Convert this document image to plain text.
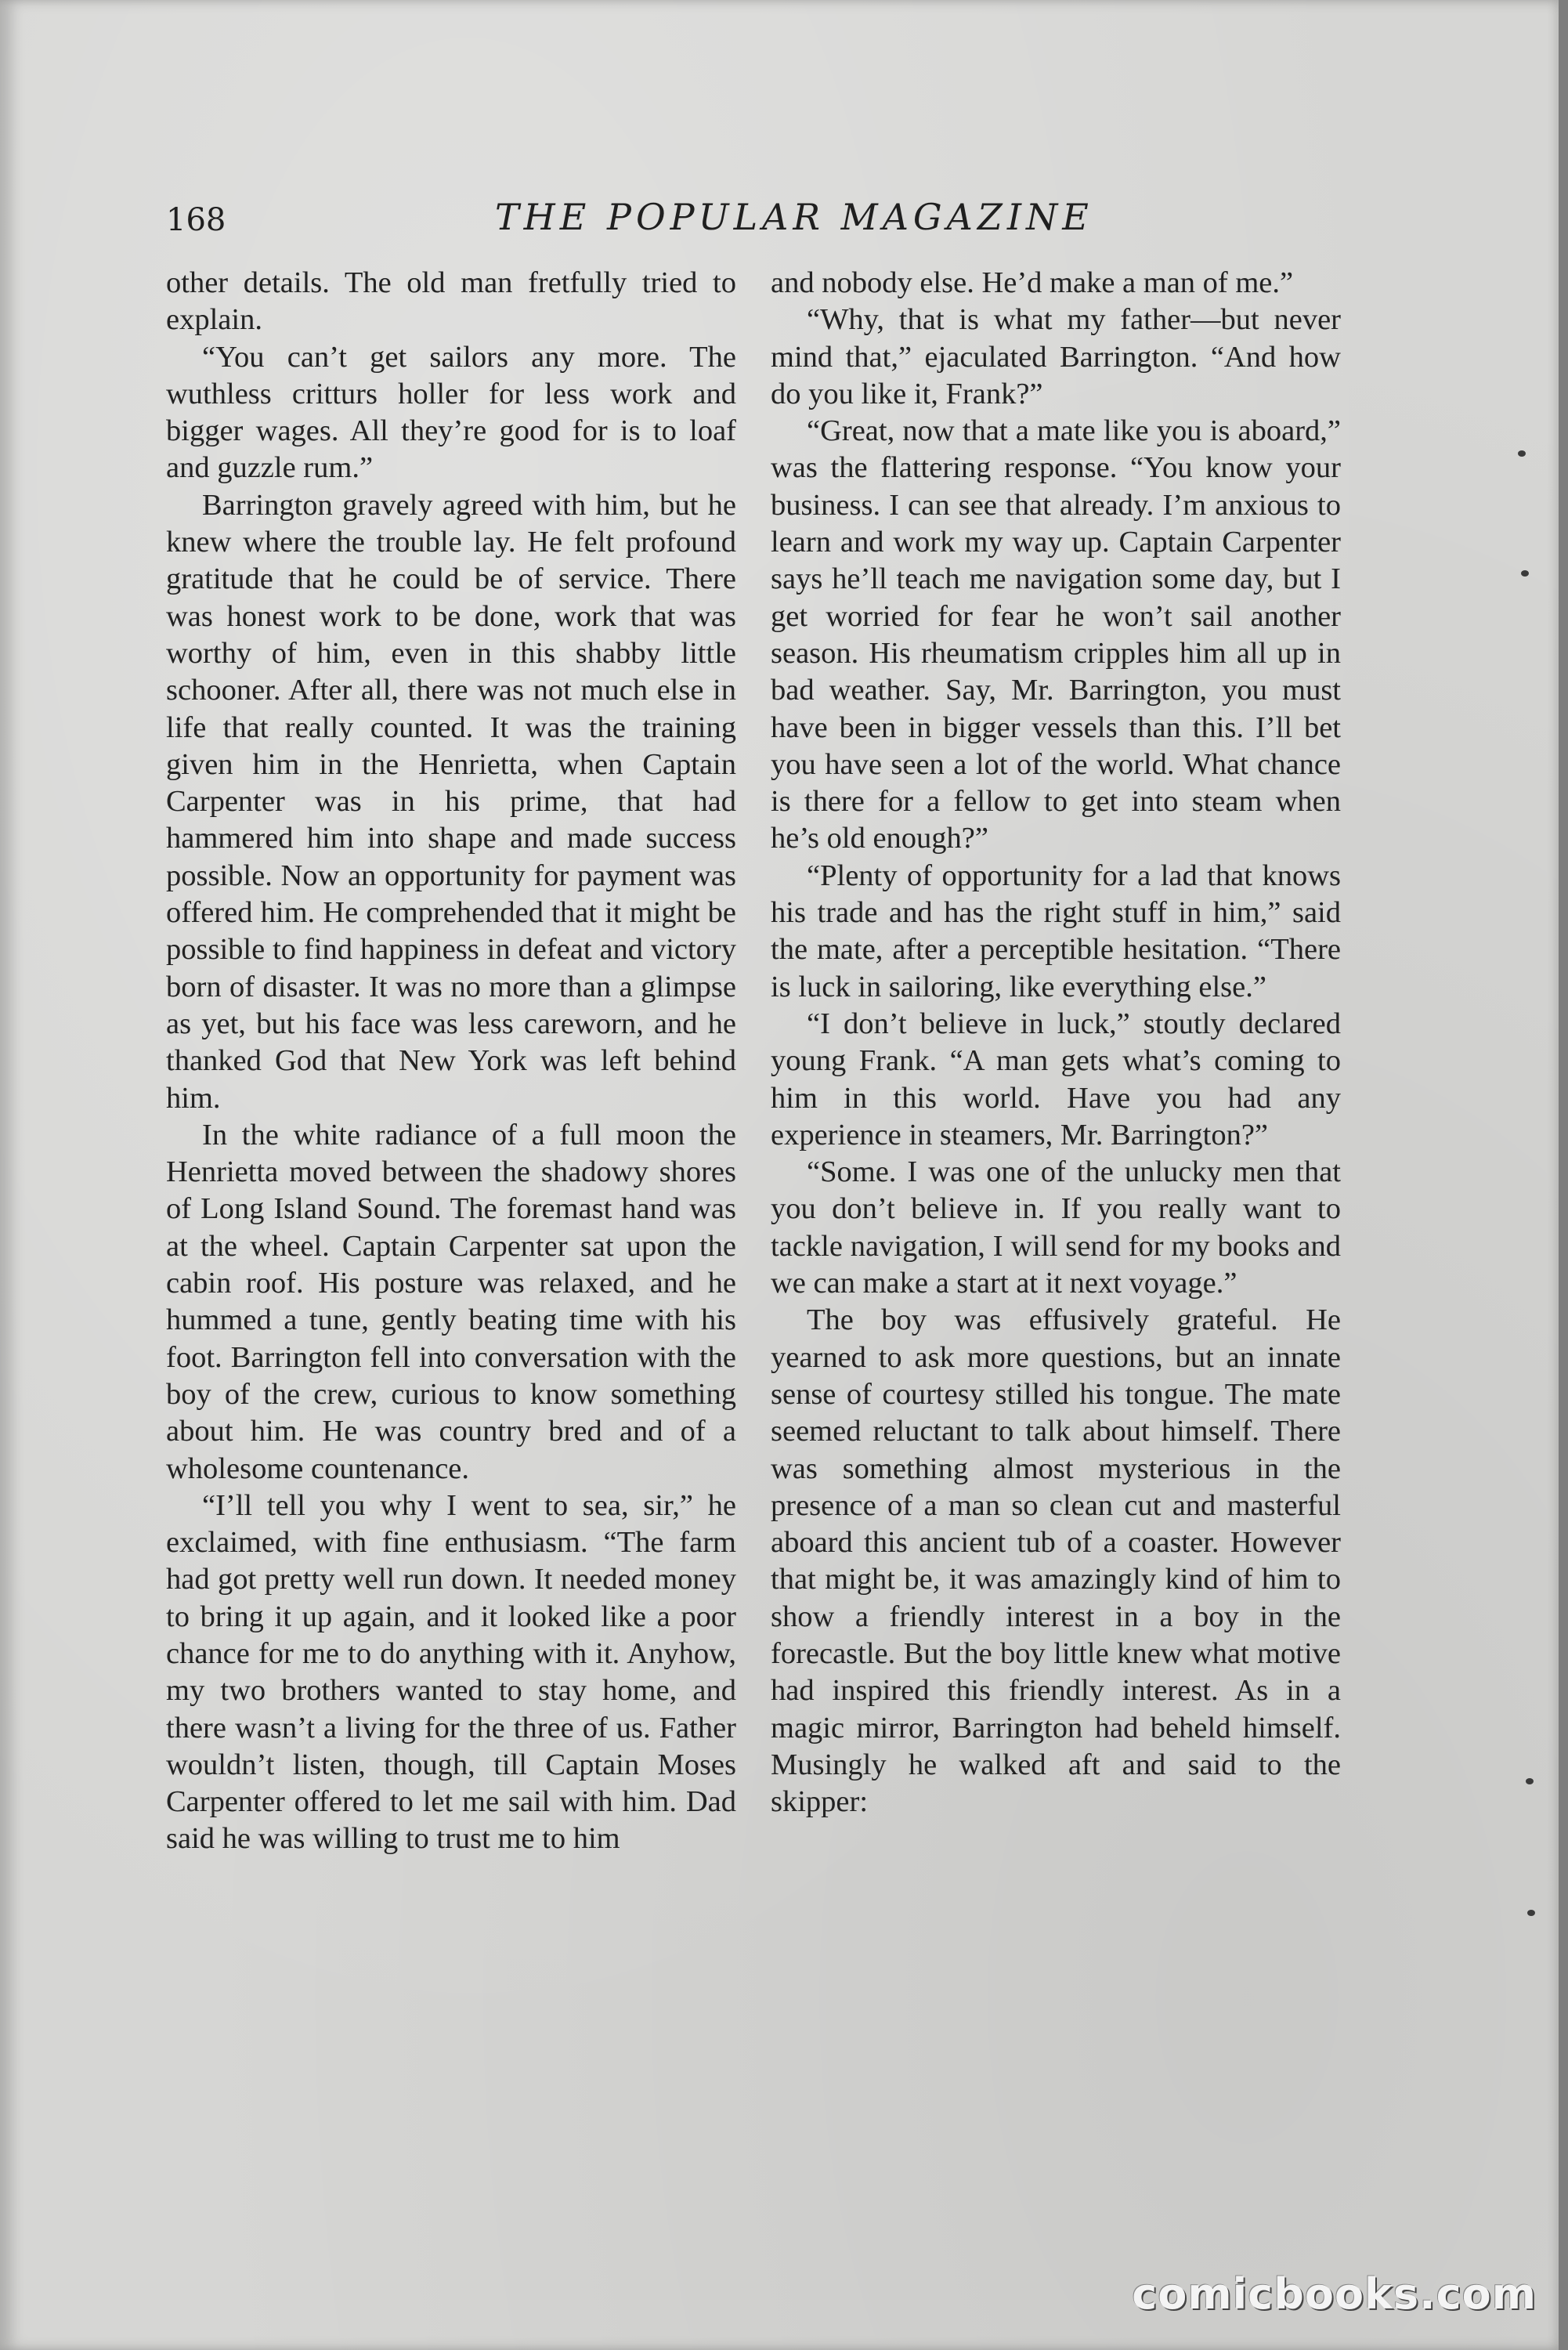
168	THE POPULAR MAGAZINE

other details. The old man fretfully tried to explain.

“You can’t get sailors any more. The wuthless critturs holler for less work and bigger wages. All they’re good for is to loaf and guzzle rum.”

Barrington gravely agreed with him, but he knew where the trouble lay. He felt profound gratitude that he could be of service. There was honest work to be done, work that was worthy of him, even in this shabby little schooner. After all, there was not much else in life that really counted. It was the training given him in the Henrietta, when Captain Carpenter was in his prime, that had hammered him into shape and made success possible. Now an opportunity for payment was offered him. He comprehended that it might be possible to find happiness in defeat and victory born of disaster. It was no more than a glimpse as yet, but his face was less careworn, and he thanked God that New York was left behind him.

In the white radiance of a full moon the Henrietta moved between the shadowy shores of Long Island Sound. The foremast hand was at the wheel. Captain Carpenter sat upon the cabin roof. His posture was relaxed, and he hummed a tune, gently beating time with his foot. Barrington fell into conversation with the boy of the crew, curious to know something about him. He was country bred and of a wholesome countenance.

“I’ll tell you why I went to sea, sir,” he exclaimed, with fine enthusiasm. “The farm had got pretty well run down. It needed money to bring it up again, and it looked like a poor chance for me to do anything with it. Anyhow, my two brothers wanted to stay home, and there wasn’t a living for the three of us. Father wouldn’t listen, though, till Captain Moses Carpenter offered to let me sail with him. Dad said he was willing to trust me to him

and nobody else. He’d make a man of me.”

“Why, that is what my father—but never mind that,” ejaculated Barrington. “And how do you like it, Frank?”

“Great, now that a mate like you is aboard,” was the flattering response. “You know your business. I can see that already. I’m anxious to learn and work my way up. Captain Carpenter says he’ll teach me navigation some day, but I get worried for fear he won’t sail another season. His rheumatism cripples him all up in bad weather. Say, Mr. Barrington, you must have been in bigger vessels than this. I’ll bet you have seen a lot of the world. What chance is there for a fellow to get into steam when he’s old enough?”

“Plenty of opportunity for a lad that knows his trade and has the right stuff in him,” said the mate, after a perceptible hesitation. “There is luck in sailoring, like everything else.”

“I don’t believe in luck,” stoutly declared young Frank. “A man gets what’s coming to him in this world. Have you had any experience in steamers, Mr. Barrington?”

“Some. I was one of the unlucky men that you don’t believe in. If you really want to tackle navigation, I will send for my books and we can make a start at it next voyage.”

The boy was effusively grateful. He yearned to ask more questions, but an innate sense of courtesy stilled his tongue. The mate seemed reluctant to talk about himself. There was something almost mysterious in the presence of a man so clean cut and masterful aboard this ancient tub of a coaster. However that might be, it was amazingly kind of him to show a friendly interest in a boy in the forecastle. But the boy little knew what motive had inspired this friendly interest. As in a magic mirror, Barrington had beheld himself. Musingly he walked aft and said to the skipper:

comicbooks.com
